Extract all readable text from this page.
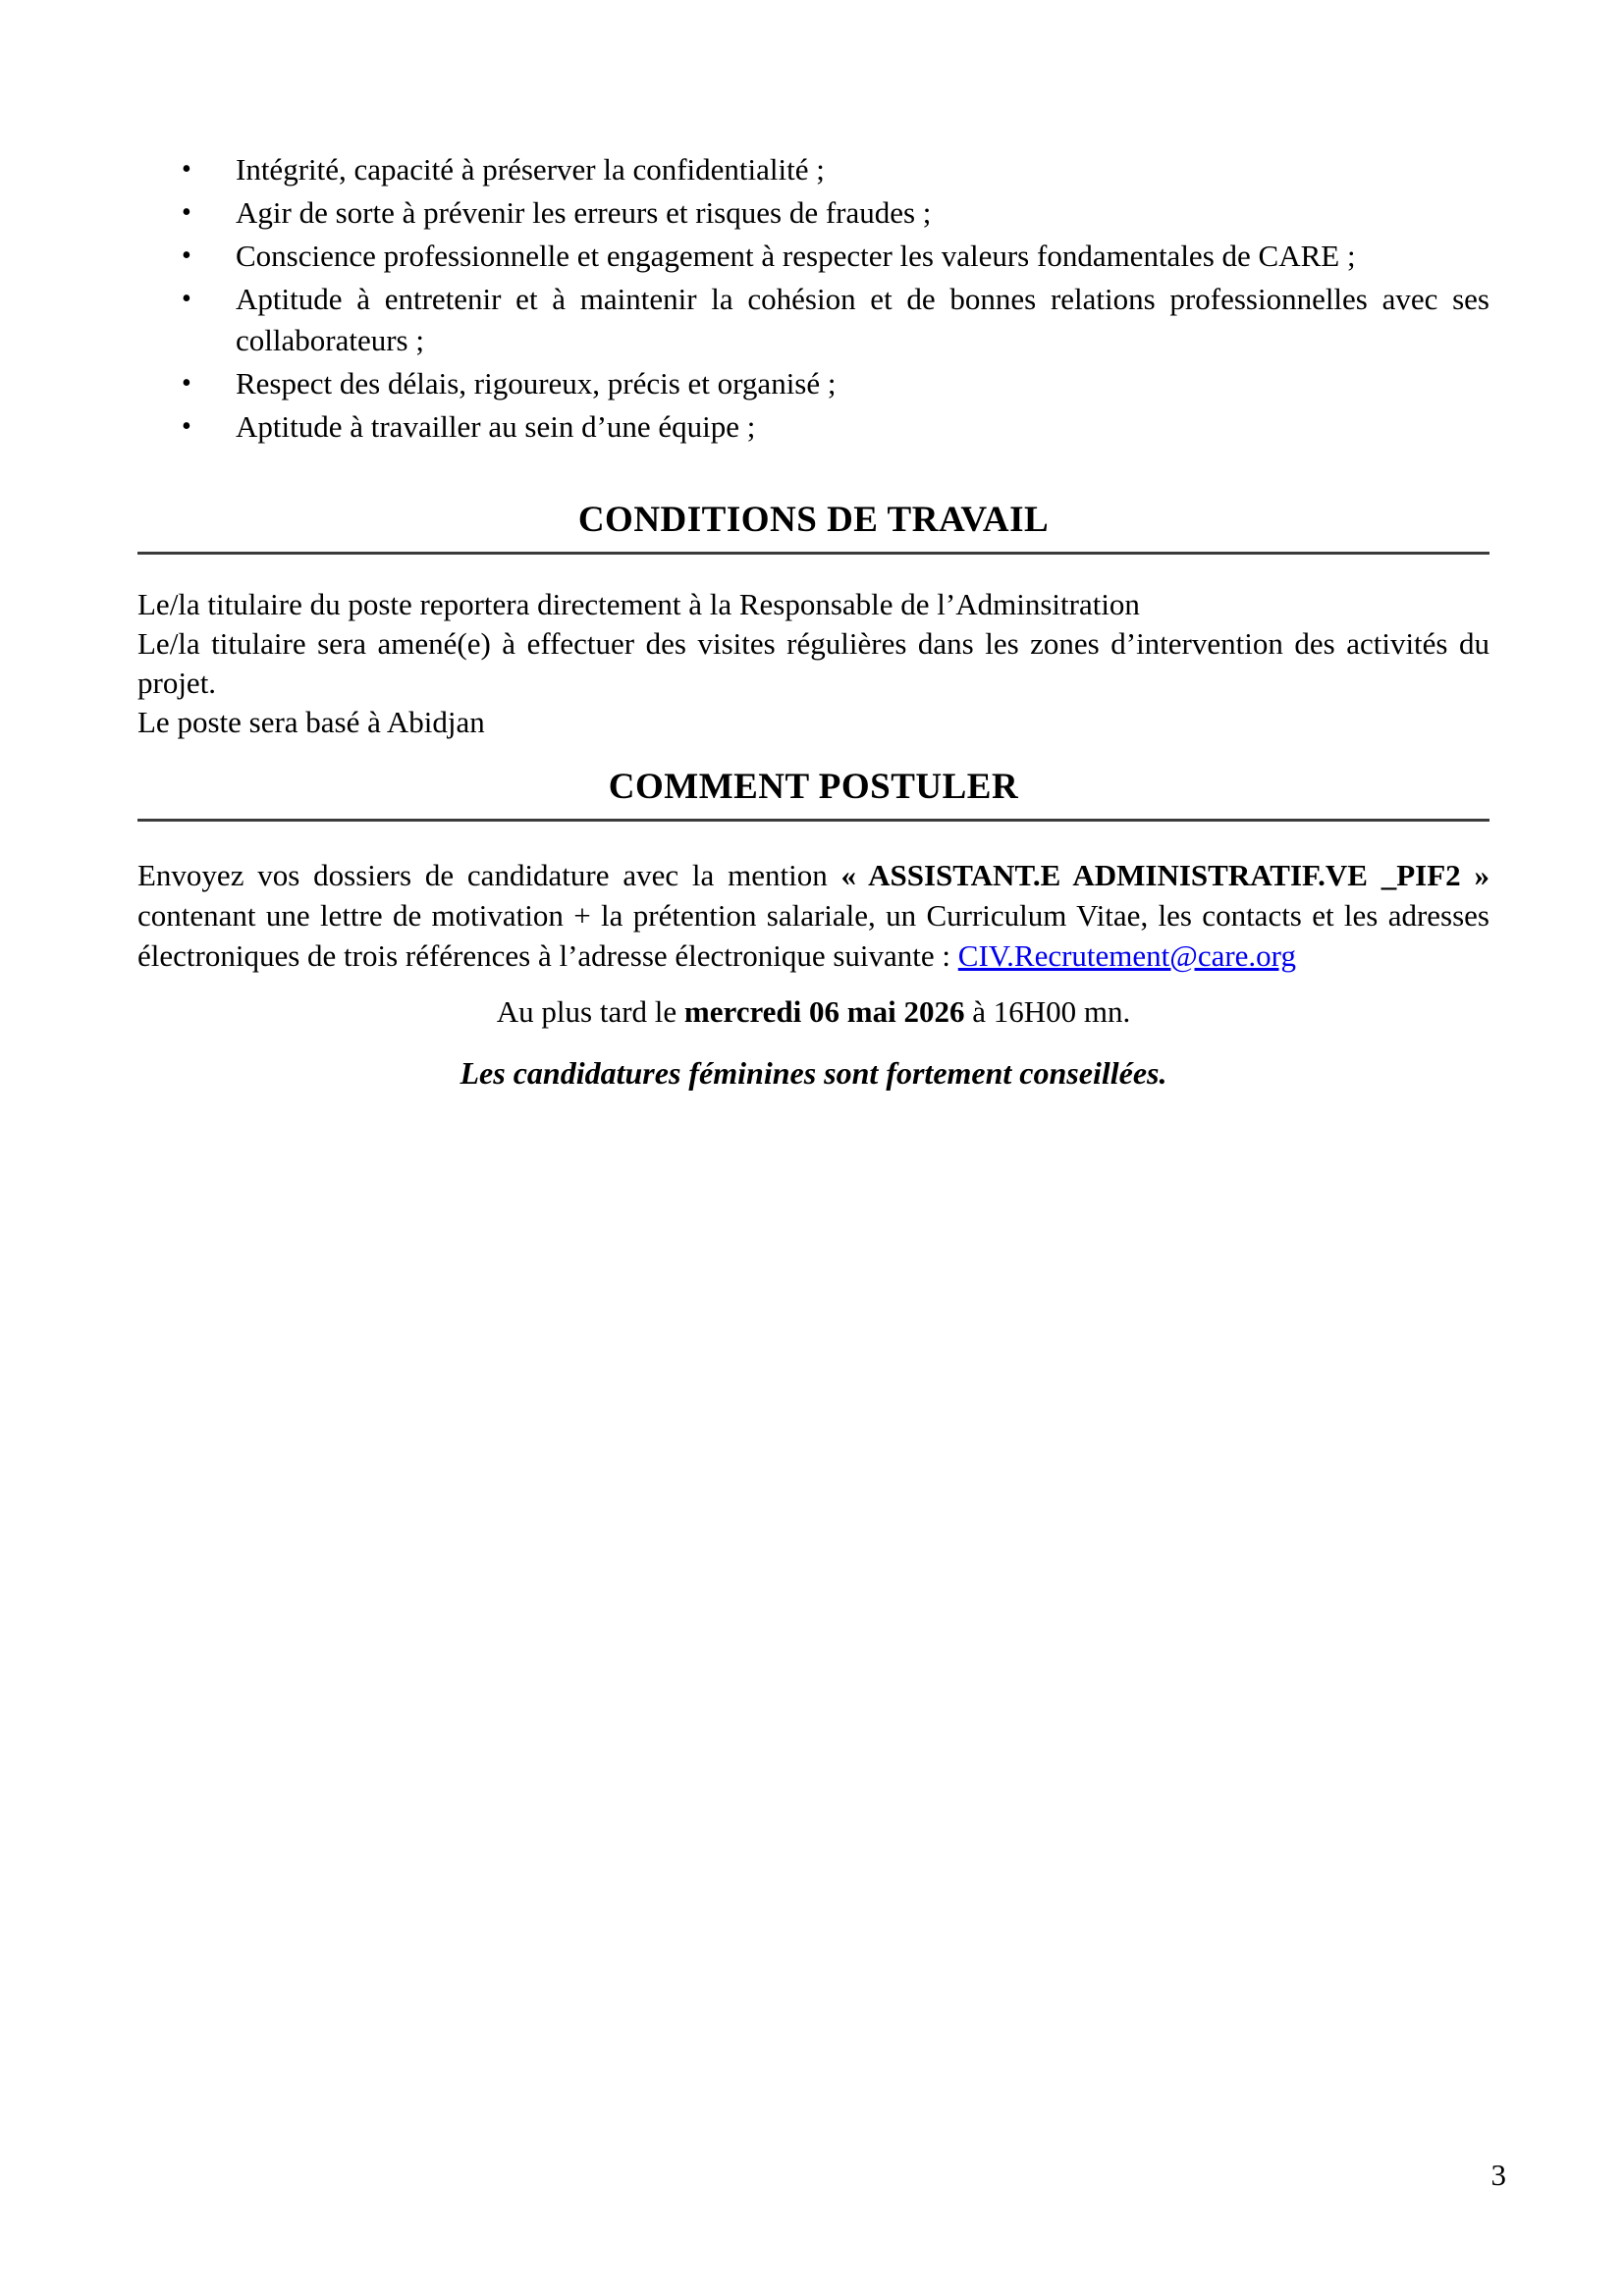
• Intégrité, capacité à préserver la confidentialité ;
• Agir de sorte à prévenir les erreurs et risques de fraudes ;
• Conscience professionnelle et engagement à respecter les valeurs fondamentales de CARE ;
• Aptitude à entretenir et à maintenir la cohésion et de bonnes relations professionnelles avec ses collaborateurs ;
• Respect des délais, rigoureux, précis et organisé ;
• Aptitude à travailler au sein d’une équipe ;
CONDITIONS DE TRAVAIL

Le/la titulaire du poste reportera directement à la Responsable de l’Adminsitration

Le/la titulaire sera amené(e) à effectuer des visites régulières dans les zones d’intervention des activités du projet.

Le poste sera basé à Abidjan

COMMENT POSTULER

Envoyez vos dossiers de candidature avec la mention « ASSISTANT.E ADMINISTRATIF.VE _PIF2 » contenant une lettre de motivation + la prétention salariale, un Curriculum Vitae, les contacts et les adresses électroniques de trois références à l’adresse électronique suivante : CIV.Recrutement@care.org

Au plus tard le mercredi 06 mai 2026 à 16H00 mn.

Les candidatures féminines sont fortement conseillées.

3
